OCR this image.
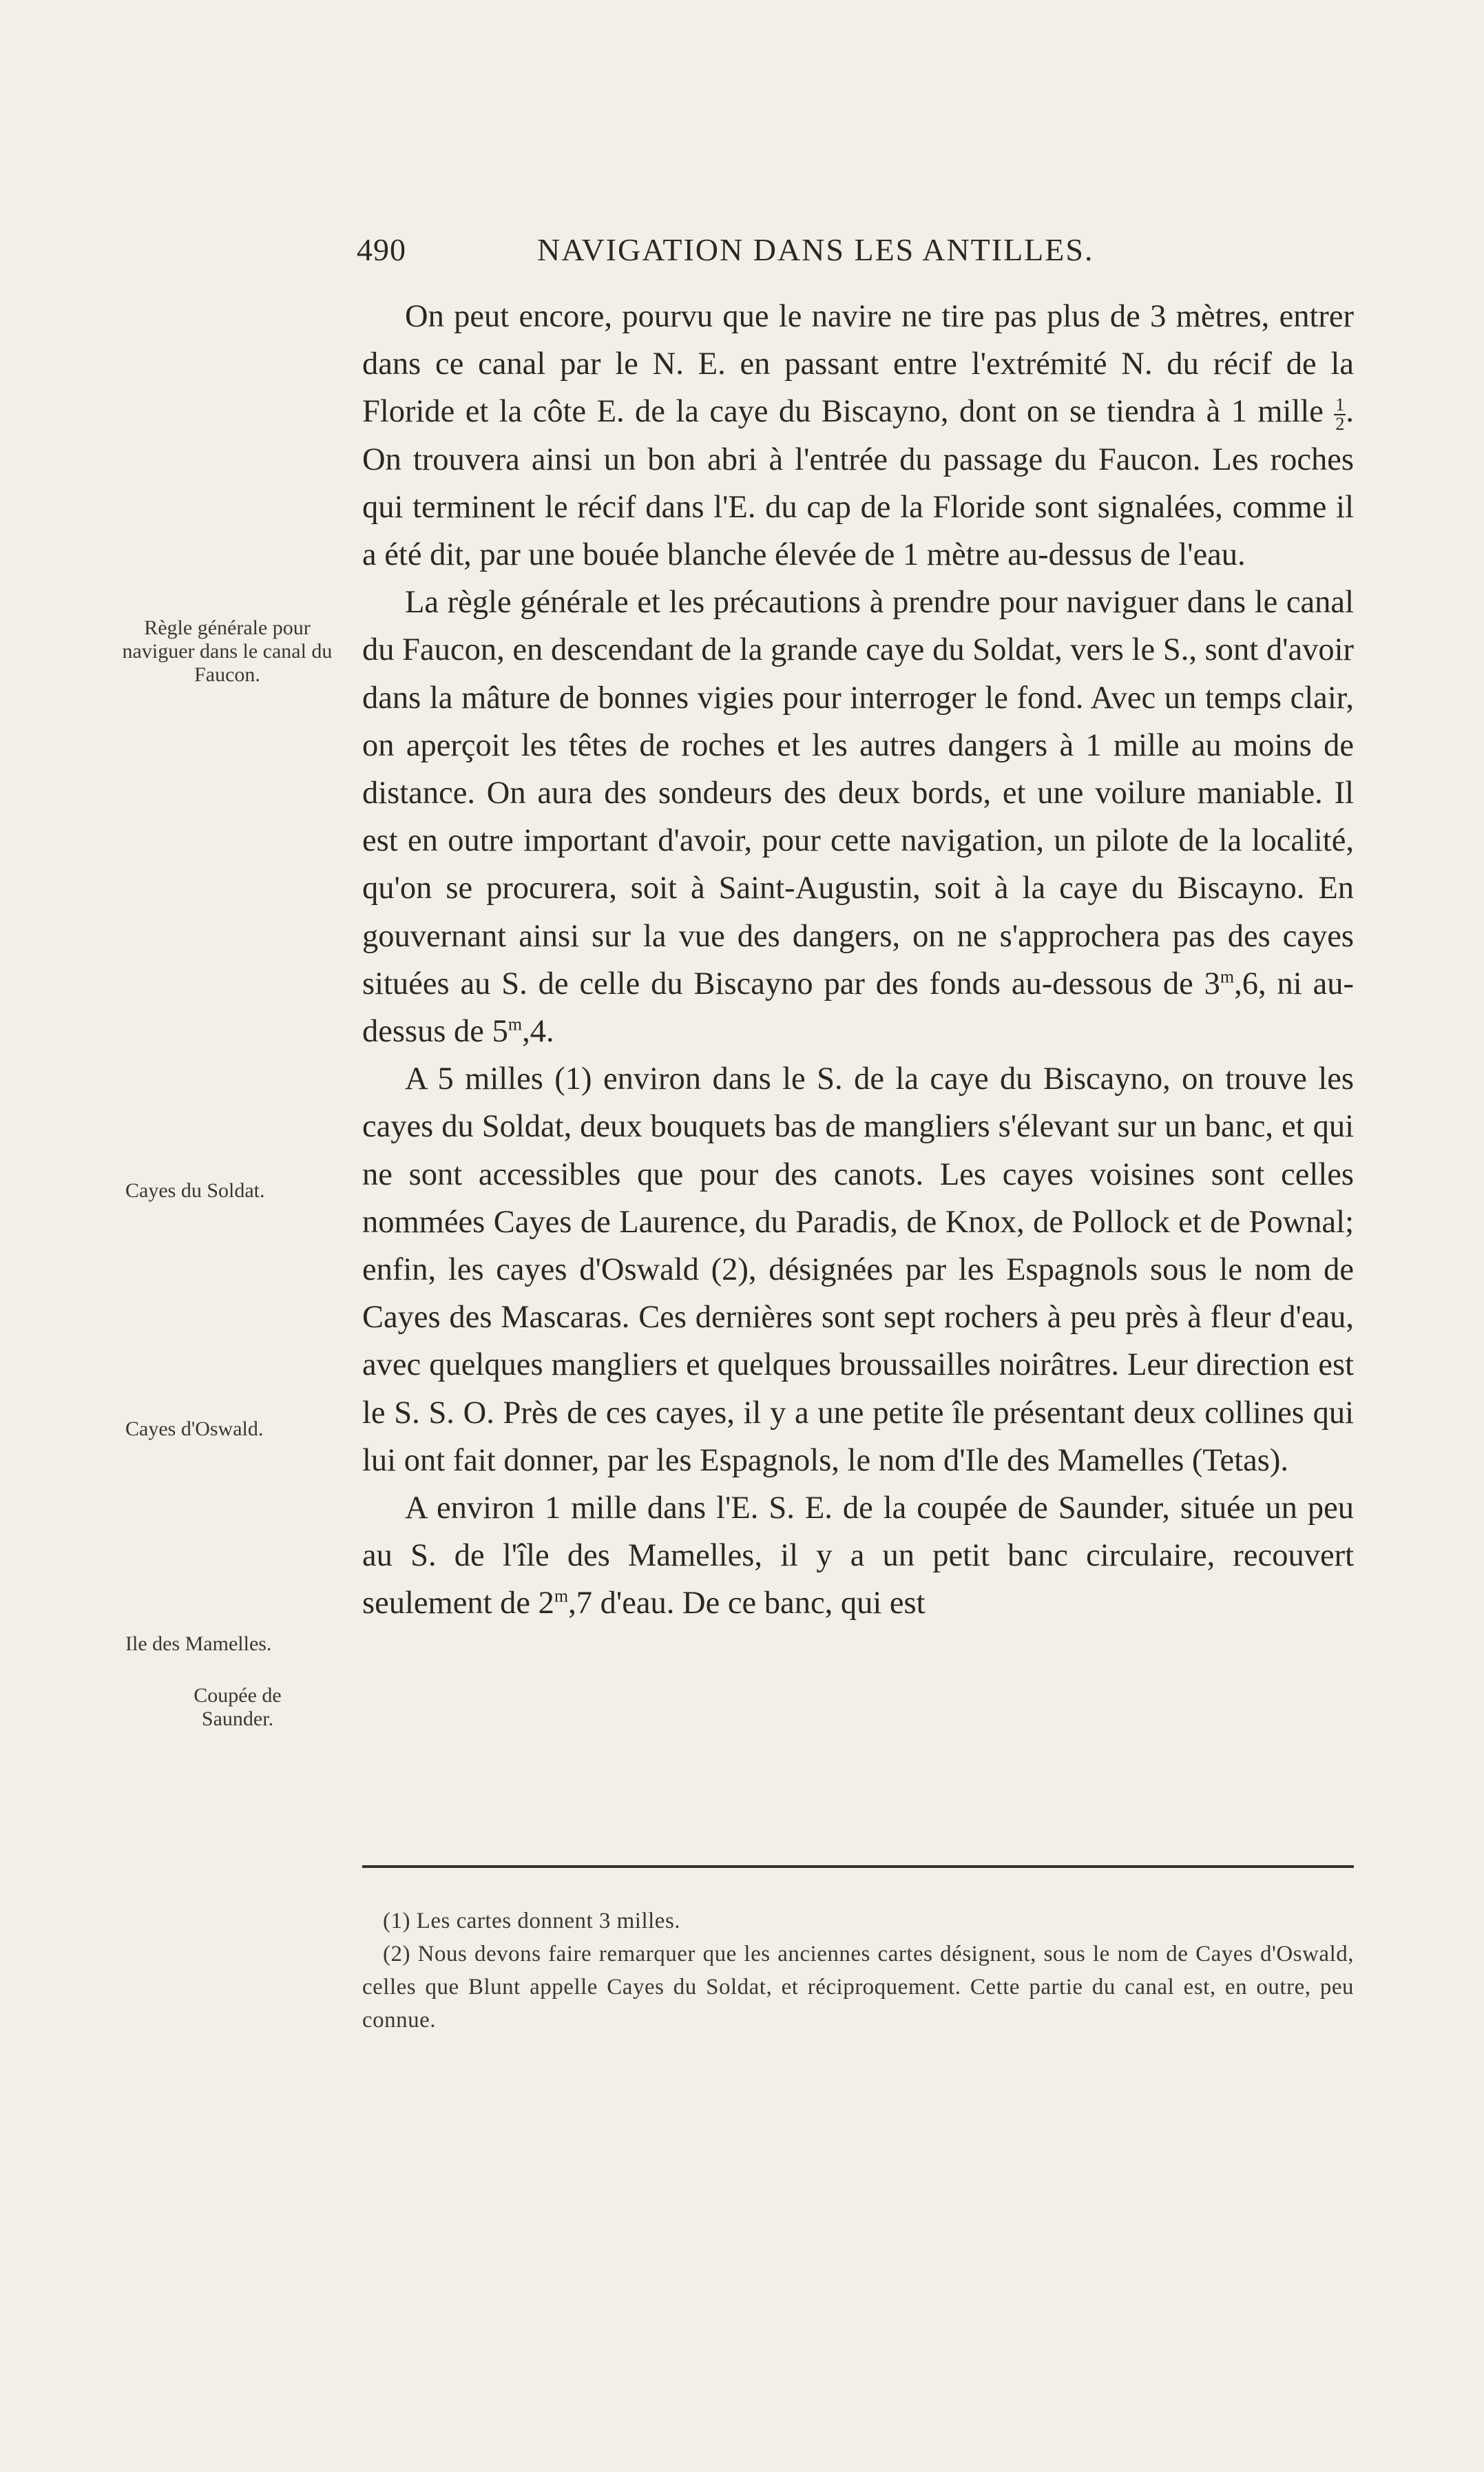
490	NAVIGATION DANS LES ANTILLES.
Règle générale pour naviguer dans le canal du Faucon.
Cayes du Soldat.
Cayes d'Oswald.
Ile des Mamelles.
Coupée de Saunder.

On peut encore, pourvu que le navire ne tire pas plus de 3 mètres, entrer dans ce canal par le N. E. en passant entre l'extrémité N. du récif de la Floride et la côte E. de la caye du Biscayno, dont on se tiendra à 1 mille $\frac{1}{2}$ . On trouvera ainsi un bon abri à l'entrée du passage du Faucon. Les roches qui terminent le récif dans l'E. du cap de la Floride sont signalées, comme il a été dit, par une bouée blanche élevée de 1 mètre au-dessus de l'eau.

La règle générale et les précautions à prendre pour naviguer dans le canal du Faucon, en descendant de la grande caye du Soldat, vers le S., sont d'avoir dans la mâture de bonnes vigies pour interroger le fond. Avec un temps clair, on aperçoit les têtes de roches et les autres dangers à 1 mille au moins de distance. On aura des sondeurs des deux bords, et une voilure maniable. Il est en outre important d'avoir, pour cette navigation, un pilote de la localité, qu'on se procurera, soit à Saint-Augustin, soit à la caye du Biscayno. En gouvernant ainsi sur la vue des dangers, on ne s'approchera pas des cayes situées au S. de celle du Biscayno par des fonds au-dessous de 3$^m$,6, ni au-dessus de 5$^m$,4.

A 5 milles (1) environ dans le S. de la caye du Biscayno, on trouve les cayes du Soldat, deux bouquets bas de mangliers s'élevant sur un banc, et qui ne sont accessibles que pour des canots. Les cayes voisines sont celles nommées Cayes de Laurence, du Paradis, de Knox, de Pollock et de Pownal; enfin, les cayes d'Oswald (2), désignées par les Espagnols sous le nom de Cayes des Mascaras. Ces dernières sont sept rochers à peu près à fleur d'eau, avec quelques mangliers et quelques broussailles noirâtres. Leur direction est le S. S. O. Près de ces cayes, il y a une petite île présentant deux collines qui lui ont fait donner, par les Espagnols, le nom d'Ile des Mamelles (Tetas).

A environ 1 mille dans l'E. S. E. de la coupée de Saunder, située un peu au S. de l'île des Mamelles, il y a un petit banc circulaire, recouvert seulement de 2$^m$,7 d'eau. De ce banc, qui est

(1) Les cartes donnent 3 milles.

(2) Nous devons faire remarquer que les anciennes cartes désignent, sous le nom de Cayes d'Oswald, celles que Blunt appelle Cayes du Soldat, et réciproquement. Cette partie du canal est, en outre, peu connue.
